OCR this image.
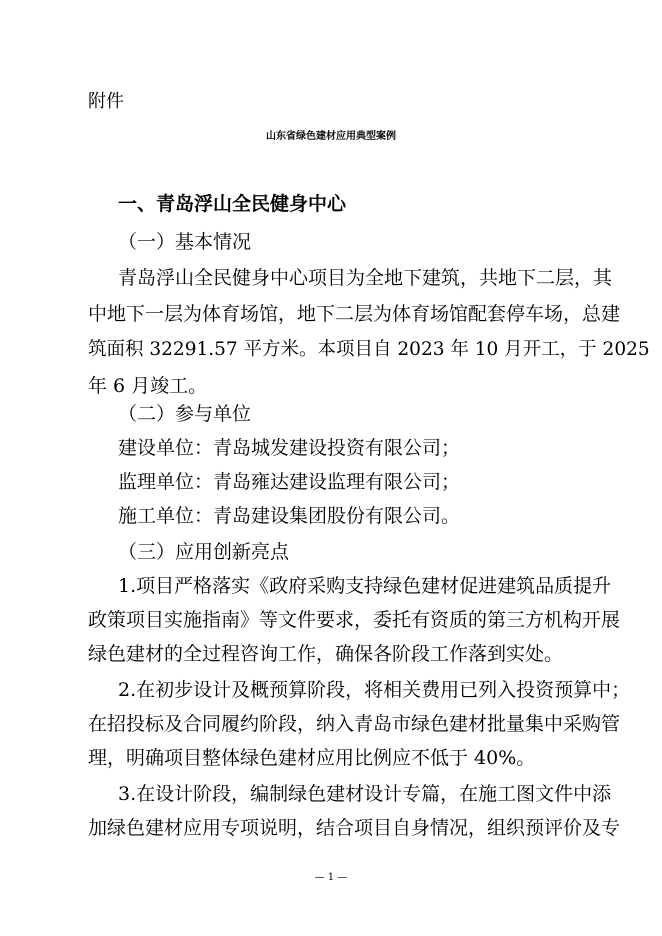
附件
山东省绿色建材应用典型案例
一、青岛浮山全民健身中心
（一）基本情况
青岛浮山全民健身中心项目为全地下建筑，共地下二层，其
中地下一层为体育场馆，地下二层为体育场馆配套停车场，总建
筑面积 32291.57 平方米。本项目自 2023 年 10 月开工，于 2025
年 6 月竣工。
（二）参与单位
建设单位：青岛城发建设投资有限公司；
监理单位：青岛雍达建设监理有限公司；
施工单位：青岛建设集团股份有限公司。
（三）应用创新亮点
1.项目严格落实《政府采购支持绿色建材促进建筑品质提升
政策项目实施指南》等文件要求，委托有资质的第三方机构开展
绿色建材的全过程咨询工作，确保各阶段工作落到实处。
2.在初步设计及概预算阶段，将相关费用已列入投资预算中；
在招投标及合同履约阶段，纳入青岛市绿色建材批量集中采购管
理，明确项目整体绿色建材应用比例应不低于 40%。
3.在设计阶段，编制绿色建材设计专篇，在施工图文件中添
加绿色建材应用专项说明，结合项目自身情况，组织预评价及专
— 1 —
